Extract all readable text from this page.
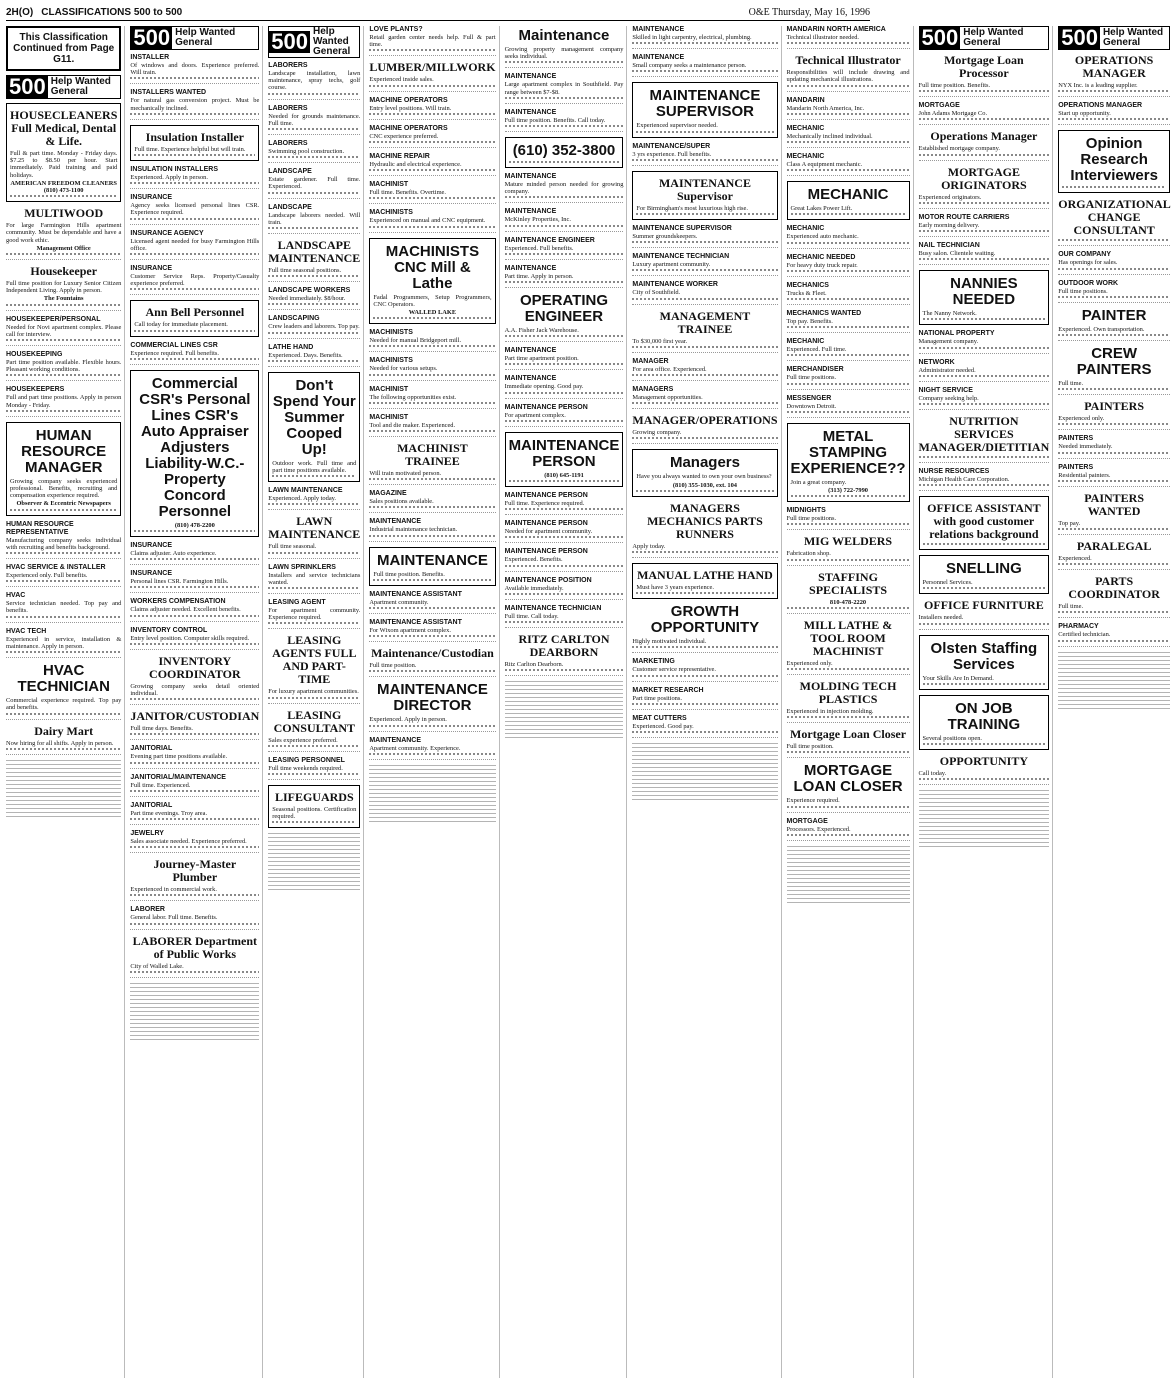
2H(O) CLASSIFICATIONS 500 to 500	O&E Thursday, May 16, 1996
This Classification Continued from Page G11.
500 Help Wanted
General
HOUSECLEANERS Full Medical, Dental & Life.
Full & part time. Monday - Friday days. $7.25 to $8.50 per hour. Start immediately. Paid training and paid holidays.
AMERICAN FREEDOM CLEANERS (810) 473-1100
MULTIWOOD
For large Farmington Hills apartment community. Must be dependable and have a good work ethic.
Management Office
Housekeeper
Full time position for Luxury Senior Citizen Independent Living. Apply in person.
The Fountains
HOUSEKEEPER/PERSONAL
Needed for Novi apartment complex. Please call for interview.
HOUSEKEEPING
Part time position available. Flexible hours. Pleasant working conditions.
HOUSEKEEPERS
Full and part time positions. Apply in person Monday - Friday.
HUMAN RESOURCE MANAGER
Growing company seeks experienced professional. Benefits, recruiting and compensation experience required.
Observer & Eccentric Newspapers
HUMAN RESOURCE REPRESENTATIVE
Manufacturing company seeks individual with recruiting and benefits background.
HVAC SERVICE & INSTALLER
Experienced only. Full benefits.
HVAC
Service technician needed. Top pay and benefits.
HVAC TECH
Experienced in service, installation & maintenance. Apply in person.
HVAC TECHNICIAN
Commercial experience required. Top pay and benefits.
Dairy Mart
Now hiring for all shifts. Apply in person.
500 Help Wanted
General
INSTALLER
Of windows and doors. Experience preferred. Will train.
INSTALLERS WANTED
For natural gas conversion project. Must be mechanically inclined.
Insulation Installer
Full time. Experience helpful but will train.
INSULATION INSTALLERS
Experienced. Apply in person.
INSURANCE
Agency seeks licensed personal lines CSR. Experience required.
INSURANCE AGENCY
Licensed agent needed for busy Farmington Hills office.
INSURANCE
Customer Service Reps. Property/Casualty experience preferred.
Ann Bell Personnel
Call today for immediate placement.
COMMERCIAL LINES CSR
Experience required. Full benefits.
Commercial CSR's Personal Lines CSR's Auto Appraiser Adjusters Liability-W.C.-Property Concord Personnel
(810) 478-2200
INSURANCE
Claims adjuster. Auto experience.
INSURANCE
Personal lines CSR. Farmington Hills.
WORKERS COMPENSATION
Claims adjuster needed. Excellent benefits.
INVENTORY CONTROL
Entry level position. Computer skills required.
INVENTORY COORDINATOR
Growing company seeks detail oriented individual.
JANITOR/CUSTODIAN
Full time days. Benefits.
JANITORIAL
Evening part time positions available.
JANITORIAL/MAINTENANCE
Full time. Experienced.
JANITORIAL
Part time evenings. Troy area.
JEWELRY
Sales associate needed. Experience preferred.
Journey-Master Plumber
Experienced in commercial work.
LABORER
General labor. Full time. Benefits.
LABORER Department of Public Works
City of Walled Lake.
500 Help Wanted
General
LABORERS
Landscape installation, lawn maintenance, spray techs, golf course.
LABORERS
Needed for grounds maintenance. Full time.
LABORERS
Swimming pool construction.
LANDSCAPE
Estate gardener. Full time. Experienced.
LANDSCAPE
Landscape laborers needed. Will train.
LANDSCAPE MAINTENANCE
Full time seasonal positions.
LANDSCAPE WORKERS
Needed immediately. $8/hour.
LANDSCAPING
Crew leaders and laborers. Top pay.
LATHE HAND
Experienced. Days. Benefits.
Don't Spend Your Summer Cooped Up!
Outdoor work. Full time and part time positions available.
LAWN MAINTENANCE
Experienced. Apply today.
LAWN MAINTENANCE
Full time seasonal.
LAWN SPRINKLERS
Installers and service technicians wanted.
LEASING AGENT
For apartment community. Experience required.
LEASING AGENTS FULL AND PART-TIME
For luxury apartment communities.
LEASING CONSULTANT
Sales experience preferred.
LEASING PERSONNEL
Full time weekends required.
LIFEGUARDS
Seasonal positions. Certification required.
LOVE PLANTS?
Retail garden center needs help. Full & part time.
LUMBER/MILLWORK
Experienced inside sales.
MACHINE OPERATORS
Entry level positions. Will train.
MACHINE OPERATORS
CNC experience preferred.
MACHINE REPAIR
Hydraulic and electrical experience.
MACHINIST
Full time. Benefits. Overtime.
MACHINISTS
Experienced on manual and CNC equipment.
MACHINISTS CNC Mill & Lathe
Fadal Programmers, Setup Programmers, CNC Operators.
WALLED LAKE
MACHINISTS
Needed for manual Bridgeport mill.
MACHINISTS
Needed for various setups.
MACHINIST
The following opportunities exist.
MACHINIST
Tool and die maker. Experienced.
MACHINIST TRAINEE
Will train motivated person.
MAGAZINE
Sales positions available.
MAINTENANCE
Industrial maintenance technician.
MAINTENANCE
Full time position. Benefits.
MAINTENANCE ASSISTANT
Apartment community.
MAINTENANCE ASSISTANT
For Wixom apartment complex.
Maintenance/Custodian
Full time position.
MAINTENANCE DIRECTOR
Experienced. Apply in person.
MAINTENANCE
Apartment community. Experience.
Maintenance
Growing property management company seeks individual.
MAINTENANCE
Large apartment complex in Southfield. Pay range between $7-$8.
MAINTENANCE
Full time position. Benefits. Call today.
(610) 352-3800
MAINTENANCE
Mature minded person needed for growing company.
MAINTENANCE
McKinley Properties, Inc.
MAINTENANCE ENGINEER
Experienced. Full benefits.
MAINTENANCE
Part time. Apply in person.
OPERATING ENGINEER
A.A. Fisher Jack Warehouse.
MAINTENANCE
Part time apartment position.
MAINTENANCE
Immediate opening. Good pay.
MAINTENANCE PERSON
For apartment complex.
MAINTENANCE PERSON
(810) 645-1191
MAINTENANCE PERSON
Full time. Experience required.
MAINTENANCE PERSON
Needed for apartment community.
MAINTENANCE PERSON
Experienced. Benefits.
MAINTENANCE POSITION
Available immediately.
MAINTENANCE TECHNICIAN
Full time. Call today.
RITZ CARLTON DEARBORN
Ritz Carlton Dearborn.
MAINTENANCE
Skilled in light carpentry, electrical, plumbing.
MAINTENANCE
Small company seeks a maintenance person.
MAINTENANCE SUPERVISOR
Experienced supervisor needed.
MAINTENANCE/SUPER
3 yrs experience. Full benefits.
MAINTENANCE Supervisor
For Birmingham's most luxurious high rise.
MAINTENANCE SUPERVISOR
Summer groundskeepers.
MAINTENANCE TECHNICIAN
Luxury apartment community.
MAINTENANCE WORKER
City of Southfield.
MANAGEMENT TRAINEE
To $30,000 first year.
MANAGER
For area office. Experienced.
MANAGERS
Management opportunities.
MANAGER/OPERATIONS
Growing company.
Managers
Have you always wanted to own your own business?
(810) 355-1030, ext. 104
MANAGERS MECHANICS PARTS RUNNERS
Apply today.
MANUAL LATHE HAND
Must have 3 years experience.
GROWTH OPPORTUNITY
Highly motivated individual.
MARKETING
Customer service representative.
MARKET RESEARCH
Part time positions.
MEAT CUTTERS
Experienced. Good pay.
MANDARIN NORTH AMERICA
Technical illustrator needed.
Technical Illustrator
Responsibilities will include drawing and updating mechanical illustrations.
MANDARIN
Mandarin North America, Inc.
MECHANIC
Mechanically inclined individual.
MECHANIC
Class A equipment mechanic.
MECHANIC
Great Lakes Power Lift.
MECHANIC
Experienced auto mechanic.
MECHANIC NEEDED
For heavy duty truck repair.
MECHANICS
Trucks & Fleet.
MECHANICS WANTED
Top pay. Benefits.
MECHANIC
Experienced. Full time.
MERCHANDISER
Full time positions.
MESSENGER
Downtown Detroit.
METAL STAMPING EXPERIENCE??
Join a great company.
(313) 722-7990
MIDNIGHTS
Full time positions.
MIG WELDERS
Fabrication shop.
STAFFING SPECIALISTS
810-478-2220
MILL LATHE & TOOL ROOM MACHINIST
Experienced only.
MOLDING TECH PLASTICS
Experienced in injection molding.
Mortgage Loan Closer
Full time position.
MORTGAGE LOAN CLOSER
Experience required.
MORTGAGE
Processors. Experienced.
500 Help Wanted
General
Mortgage Loan Processor
Full time position. Benefits.
MORTGAGE
John Adams Mortgage Co.
Operations Manager
Established mortgage company.
MORTGAGE ORIGINATORS
Experienced originators.
MOTOR ROUTE CARRIERS
Early morning delivery.
NAIL TECHNICIAN
Busy salon. Clientele waiting.
NANNIES NEEDED
The Nanny Network.
NATIONAL PROPERTY
Management company.
NETWORK
Administrator needed.
NIGHT SERVICE
Company seeking help.
NUTRITION SERVICES MANAGER/DIETITIAN
NURSE RESOURCES
Michigan Health Care Corporation.
OFFICE ASSISTANT with good customer relations background
SNELLING
Personnel Services.
OFFICE FURNITURE
Installers needed.
Olsten Staffing Services
Your Skills Are In Demand.
ON JOB TRAINING
Several positions open.
OPPORTUNITY
Call today.
500 Help Wanted
General
OPERATIONS MANAGER
NYX Inc. is a leading supplier.
OPERATIONS MANAGER
Start up opportunity.
Opinion Research Interviewers
ORGANIZATIONAL CHANGE CONSULTANT
OUR COMPANY
Has openings for sales.
OUTDOOR WORK
Full time positions.
PAINTER
Experienced. Own transportation.
CREW PAINTERS
Full time.
PAINTERS
Experienced only.
PAINTERS
Needed immediately.
PAINTERS
Residential painters.
PAINTERS WANTED
Top pay.
PARALEGAL
Experienced.
PARTS COORDINATOR
Full time.
PHARMACY
Certified technician.
